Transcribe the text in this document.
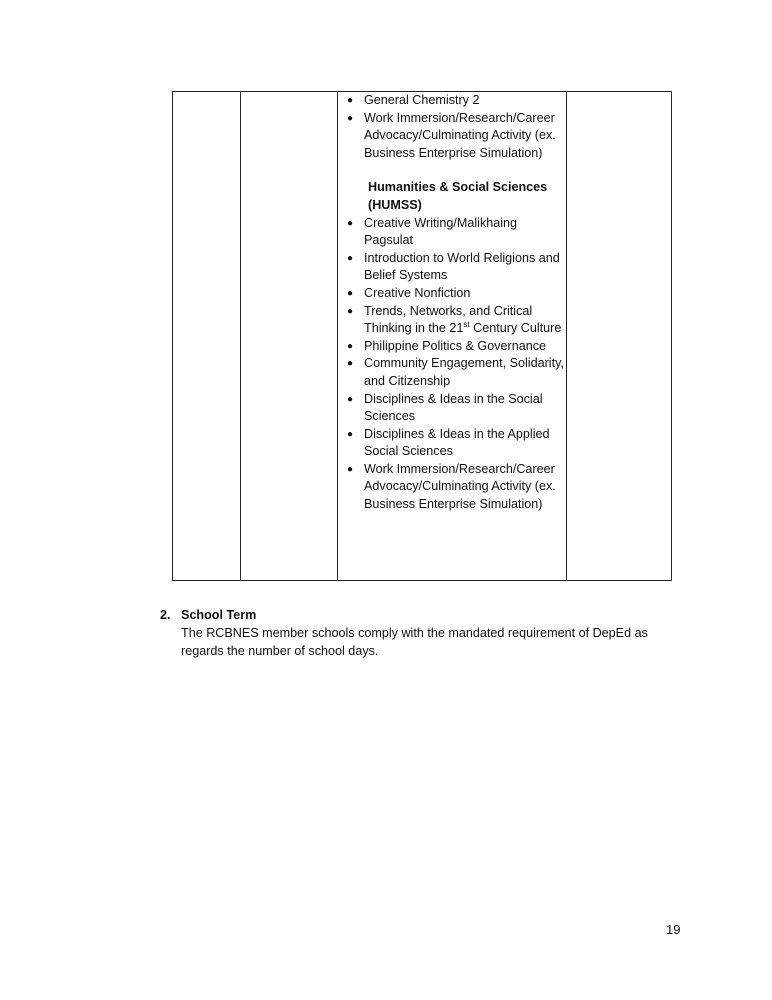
● General Chemistry 2
● Work Immersion/Research/Career Advocacy/Culminating Activity (ex. Business Enterprise Simulation)
Humanities & Social Sciences (HUMSS)
● Creative Writing/Malikhaing Pagsulat
● Introduction to World Religions and Belief Systems
● Creative Nonfiction
● Trends, Networks, and Critical Thinking in the 21st Century Culture
● Philippine Politics & Governance
● Community Engagement, Solidarity, and Citizenship
● Disciplines & Ideas in the Social Sciences
● Disciplines & Ideas in the Applied Social Sciences
● Work Immersion/Research/Career Advocacy/Culminating Activity (ex. Business Enterprise Simulation)
2. School Term
The RCBNES member schools comply with the mandated requirement of DepEd as regards the number of school days.
19
